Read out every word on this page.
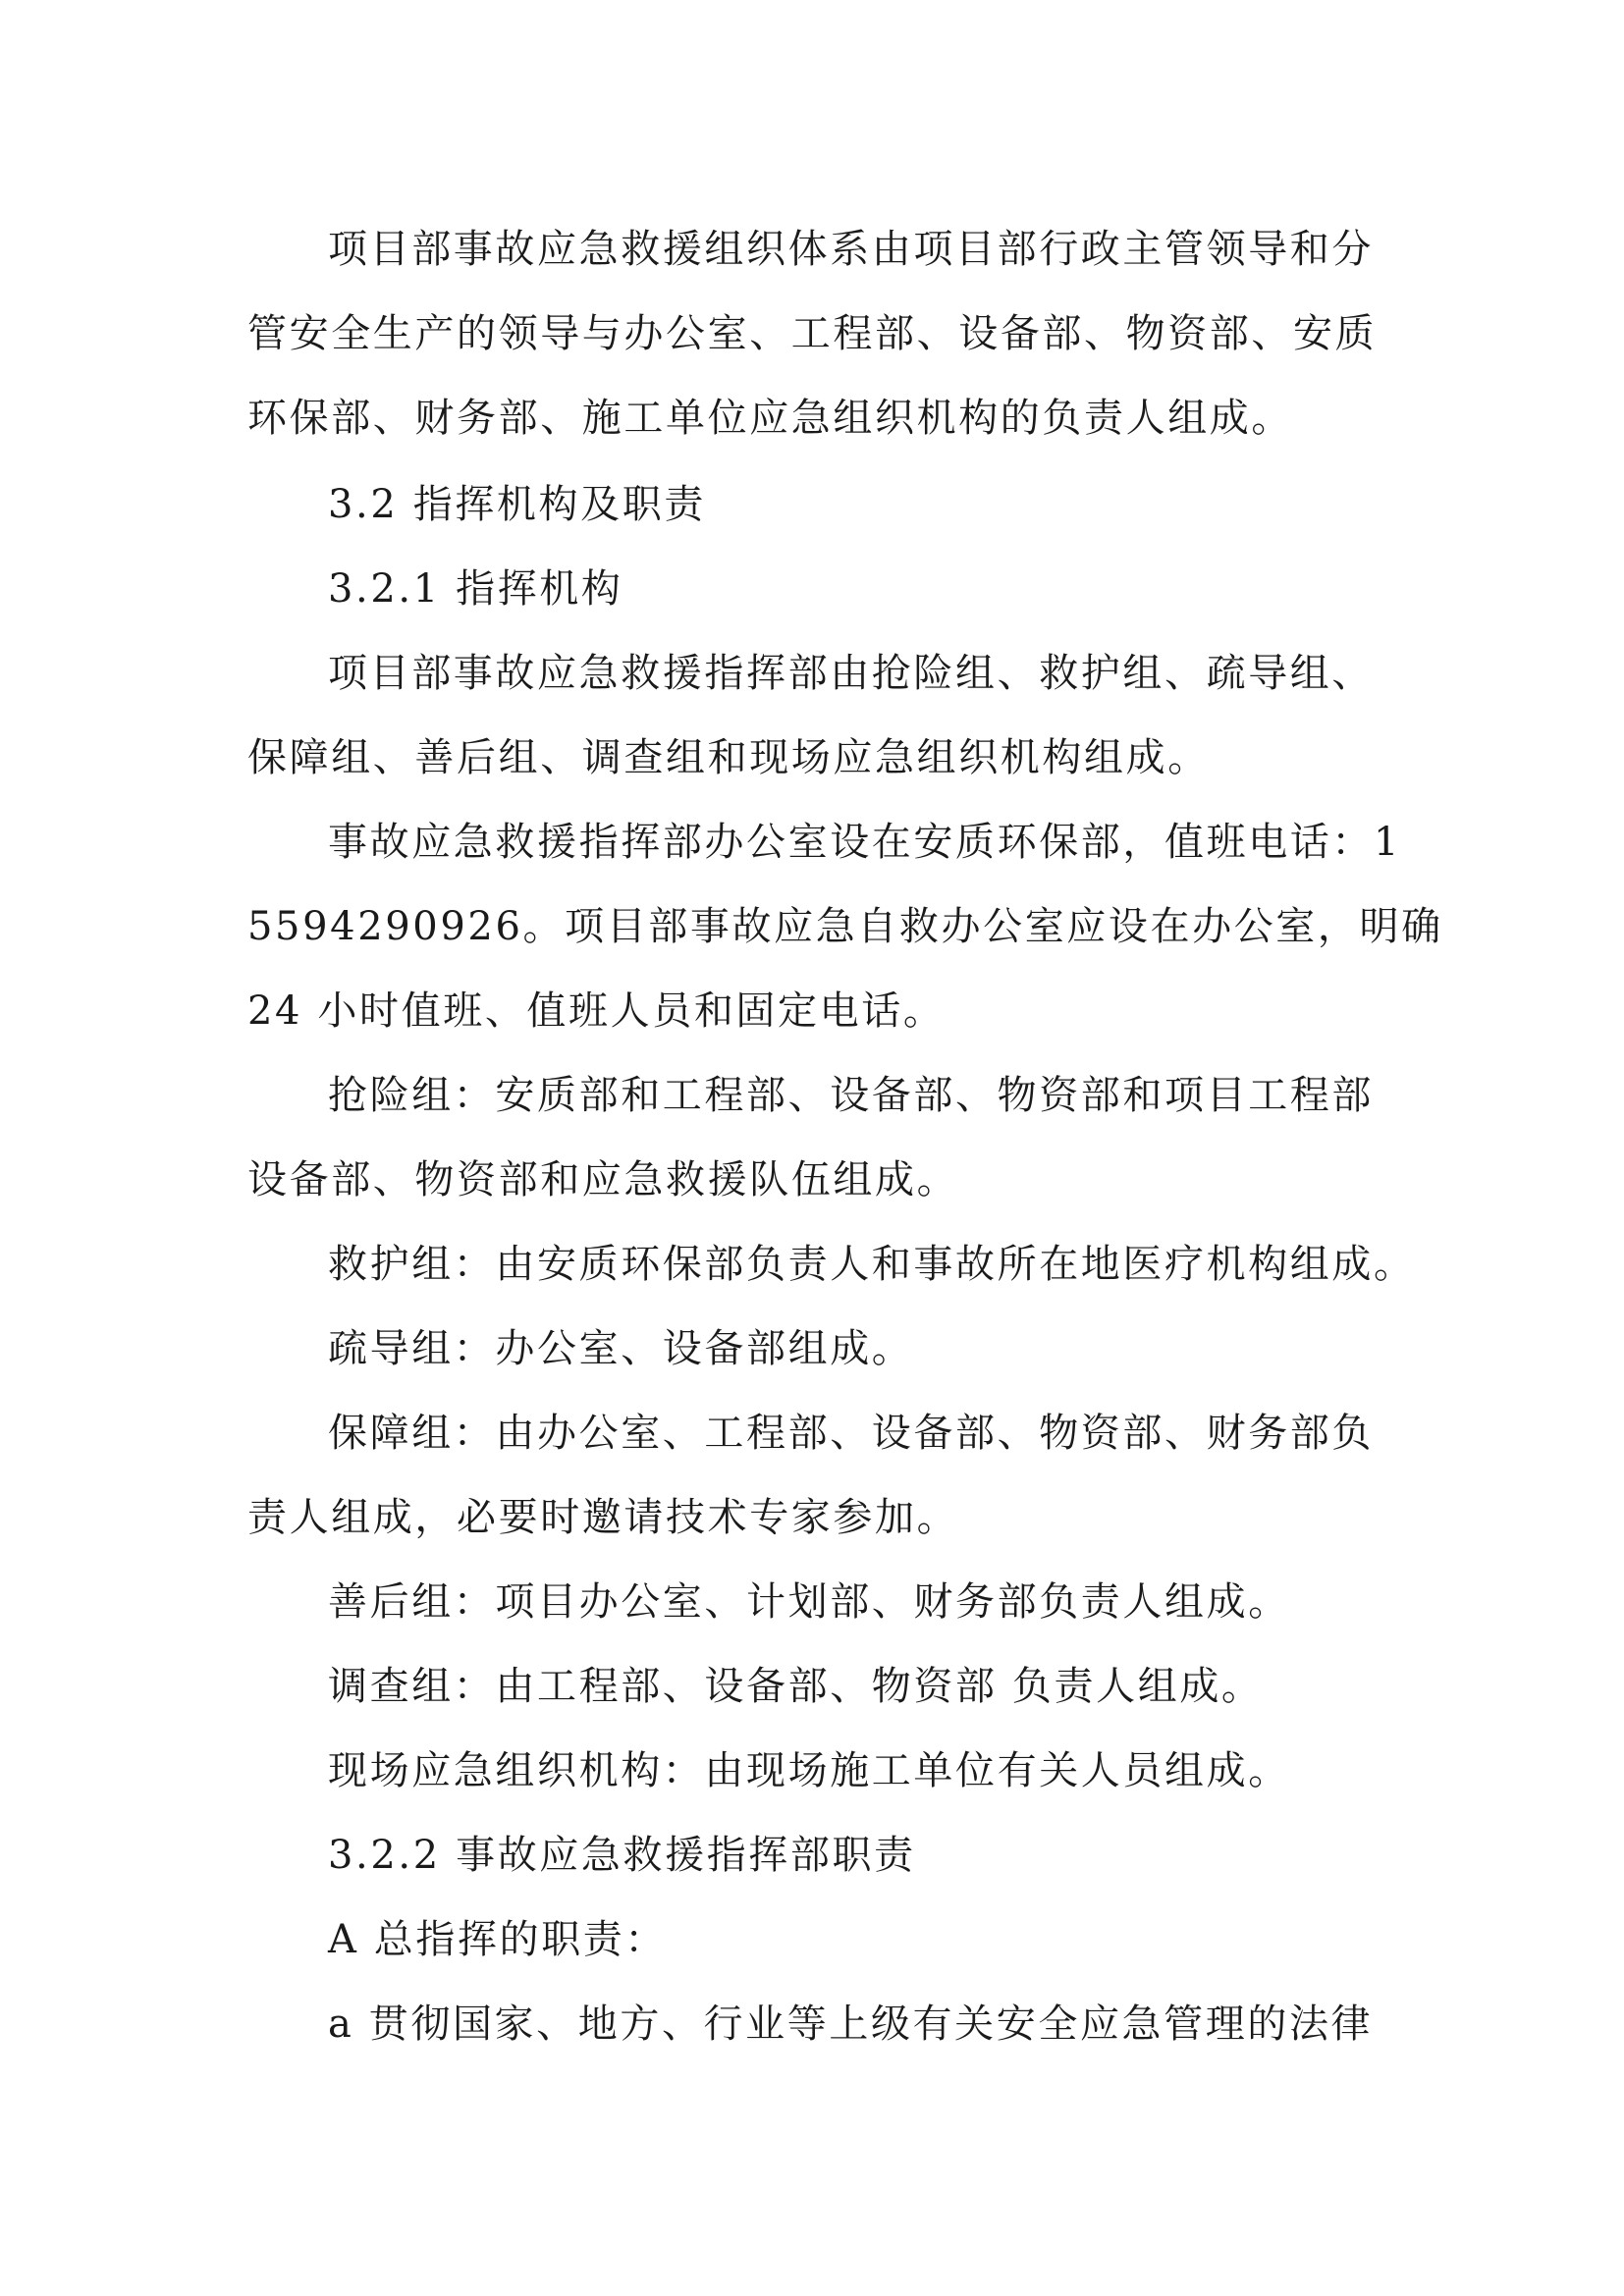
项目部事故应急救援组织体系由项目部行政主管领导和分
管安全生产的领导与办公室、工程部、设备部、物资部、安质
环保部、财务部、施工单位应急组织机构的负责人组成。
3.2 指挥机构及职责
3.2.1 指挥机构
项目部事故应急救援指挥部由抢险组、救护组、疏导组、
保障组、善后组、调查组和现场应急组织机构组成。
事故应急救援指挥部办公室设在安质环保部，值班电话：1
5594290926。项目部事故应急自救办公室应设在办公室，明确
24 小时值班、值班人员和固定电话。
抢险组：安质部和工程部、设备部、物资部和项目工程部
设备部、物资部和应急救援队伍组成。
救护组：由安质环保部负责人和事故所在地医疗机构组成。
疏导组：办公室、设备部组成。
保障组：由办公室、工程部、设备部、物资部、财务部负
责人组成，必要时邀请技术专家参加。
善后组：项目办公室、计划部、财务部负责人组成。
调查组：由工程部、设备部、物资部 负责人组成。
现场应急组织机构：由现场施工单位有关人员组成。
3.2.2 事故应急救援指挥部职责
A 总指挥的职责：
a 贯彻国家、地方、行业等上级有关安全应急管理的法律
